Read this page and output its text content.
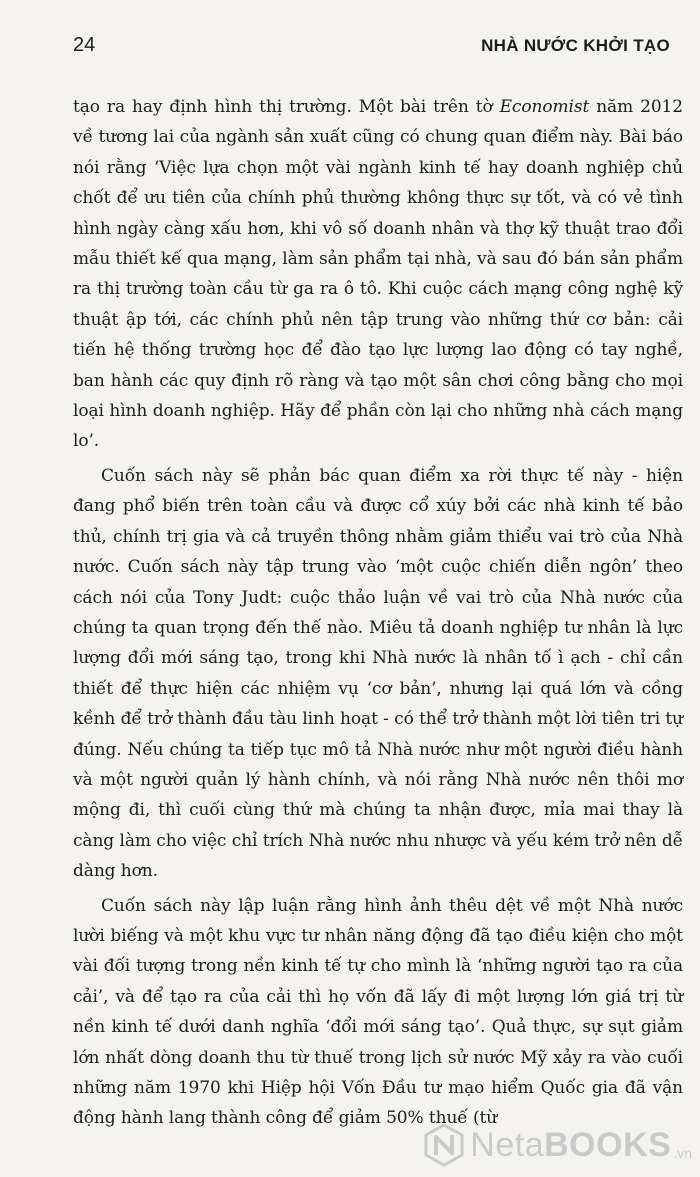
24	NHÀ NƯỚC KHỞI TẠO

tạo ra hay định hình thị trường. Một bài trên tờ Economist năm 2012 về tương lai của ngành sản xuất cũng có chung quan điểm này. Bài báo nói rằng ‘Việc lựa chọn một vài ngành kinh tế hay doanh nghiệp chủ chốt để ưu tiên của chính phủ thường không thực sự tốt, và có vẻ tình hình ngày càng xấu hơn, khi vô số doanh nhân và thợ kỹ thuật trao đổi mẫu thiết kế qua mạng, làm sản phẩm tại nhà, và sau đó bán sản phẩm ra thị trường toàn cầu từ ga ra ô tô. Khi cuộc cách mạng công nghệ kỹ thuật ập tới, các chính phủ nên tập trung vào những thứ cơ bản: cải tiến hệ thống trường học để đào tạo lực lượng lao động có tay nghề, ban hành các quy định rõ ràng và tạo một sân chơi công bằng cho mọi loại hình doanh nghiệp. Hãy để phần còn lại cho những nhà cách mạng lo’.

Cuốn sách này sẽ phản bác quan điểm xa rời thực tế này - hiện đang phổ biến trên toàn cầu và được cổ xúy bởi các nhà kinh tế bảo thủ, chính trị gia và cả truyền thông nhằm giảm thiểu vai trò của Nhà nước. Cuốn sách này tập trung vào ‘một cuộc chiến diễn ngôn’ theo cách nói của Tony Judt: cuộc thảo luận về vai trò của Nhà nước của chúng ta quan trọng đến thế nào. Miêu tả doanh nghiệp tư nhân là lực lượng đổi mới sáng tạo, trong khi Nhà nước là nhân tố ì ạch - chỉ cần thiết để thực hiện các nhiệm vụ ‘cơ bản’, nhưng lại quá lớn và cồng kềnh để trở thành đầu tàu linh hoạt - có thể trở thành một lời tiên tri tự đúng. Nếu chúng ta tiếp tục mô tả Nhà nước như một người điều hành và một người quản lý hành chính, và nói rằng Nhà nước nên thôi mơ mộng đi, thì cuối cùng thứ mà chúng ta nhận được, mỉa mai thay là càng làm cho việc chỉ trích Nhà nước nhu nhược và yếu kém trở nên dễ dàng hơn.

Cuốn sách này lập luận rằng hình ảnh thêu dệt về một Nhà nước lười biếng và một khu vực tư nhân năng động đã tạo điều kiện cho một vài đối tượng trong nền kinh tế tự cho mình là ‘những người tạo ra của cải’, và để tạo ra của cải thì họ vốn đã lấy đi một lượng lớn giá trị từ nền kinh tế dưới danh nghĩa ‘đổi mới sáng tạo’. Quả thực, sự sụt giảm lớn nhất dòng doanh thu từ thuế trong lịch sử nước Mỹ xảy ra vào cuối những năm 1970 khi Hiệp hội Vốn Đầu tư mạo hiểm Quốc gia đã vận động hành lang thành công để giảm 50% thuế (từ

NetaBOOKS .vn
